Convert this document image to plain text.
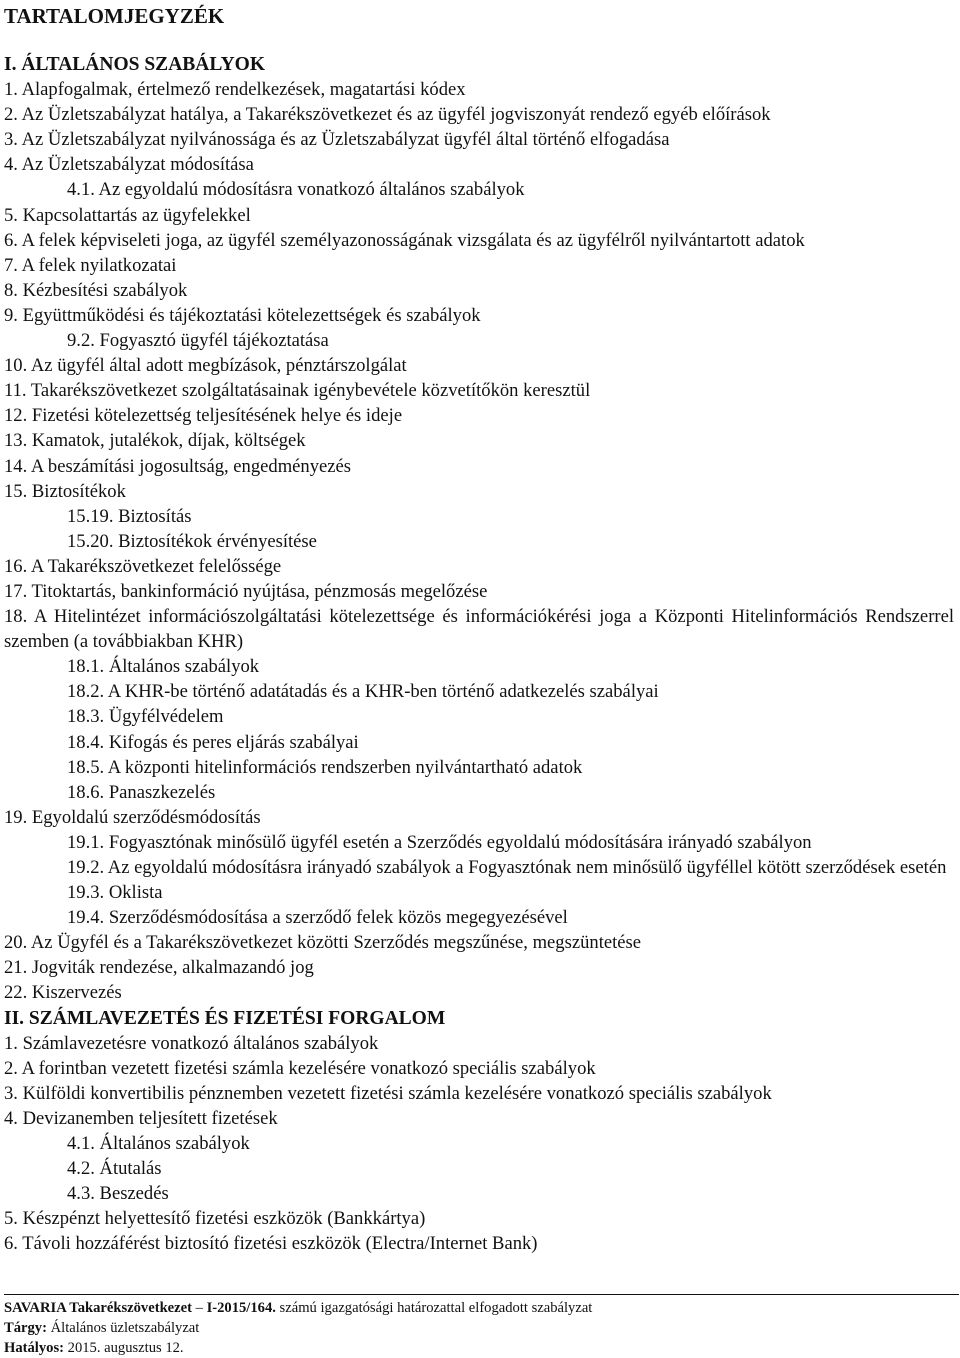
TARTALOMJEGYZÉK
I. ÁLTALÁNOS SZABÁLYOK
1. Alapfogalmak, értelmező rendelkezések, magatartási kódex
2. Az Üzletszabályzat hatálya, a Takarékszövetkezet és az ügyfél jogviszonyát rendező egyéb előírások
3. Az Üzletszabályzat nyilvánossága és az Üzletszabályzat ügyfél által történő elfogadása
4. Az Üzletszabályzat módosítása
4.1. Az egyoldalú módosításra vonatkozó általános szabályok
5. Kapcsolattartás az ügyfelekkel
6. A felek képviseleti joga, az ügyfél személyazonosságának vizsgálata és az ügyfélről nyilvántartott adatok
7. A felek nyilatkozatai
8. Kézbesítési szabályok
9. Együttműködési és tájékoztatási kötelezettségek és szabályok
9.2. Fogyasztó ügyfél tájékoztatása
10. Az ügyfél által adott megbízások, pénztárszolgálat
11. Takarékszövetkezet szolgáltatásainak igénybevétele közvetítőkön keresztül
12. Fizetési kötelezettség teljesítésének helye és ideje
13. Kamatok, jutalékok, díjak, költségek
14. A beszámítási jogosultság, engedményezés
15. Biztosítékok
15.19. Biztosítás
15.20. Biztosítékok érvényesítése
16. A Takarékszövetkezet felelőssége
17. Titoktartás, bankinformáció nyújtása, pénzmosás megelőzése
18. A Hitelintézet információszolgáltatási kötelezettsége és információkérési joga a Központi Hitelinformációs Rendszerrel szemben (a továbbiakban KHR)
18.1. Általános szabályok
18.2. A KHR-be történő adatátadás és a KHR-ben történő adatkezelés szabályai
18.3. Ügyfélvédelem
18.4. Kifogás és peres eljárás szabályai
18.5. A központi hitelinformációs rendszerben nyilvántartható adatok
18.6. Panaszkezelés
19. Egyoldalú szerződésmódosítás
19.1. Fogyasztónak minősülő ügyfél esetén a Szerződés egyoldalú módosítására irányadó szabályon
19.2. Az egyoldalú módosításra irányadó szabályok a Fogyasztónak nem minősülő ügyféllel kötött szerződések esetén
19.3. Oklista
19.4. Szerződésmódosítása a szerződő felek közös megegyezésével
20. Az Ügyfél és a Takarékszövetkezet közötti Szerződés megszűnése, megszüntetése
21. Jogviták rendezése, alkalmazandó jog
22. Kiszervezés
II. SZÁMLAVEZETÉS ÉS FIZETÉSI FORGALOM
1. Számlavezetésre vonatkozó általános szabályok
2. A forintban vezetett fizetési számla kezelésére vonatkozó speciális szabályok
3. Külföldi konvertibilis pénznemben vezetett fizetési számla kezelésére vonatkozó speciális szabályok
4. Devizanemben teljesített fizetések
4.1. Általános szabályok
4.2. Átutalás
4.3. Beszedés
5. Készpénzt helyettesítő fizetési eszközök (Bankkártya)
6. Távoli hozzáférést biztosító fizetési eszközök (Electra/Internet Bank)
SAVARIA Takarékszövetkezet – I-2015/164. számú igazgatósági határozattal elfogadott szabályzat
Tárgy: Általános üzletszabályzat
Hatályos: 2015. augusztus 12.
